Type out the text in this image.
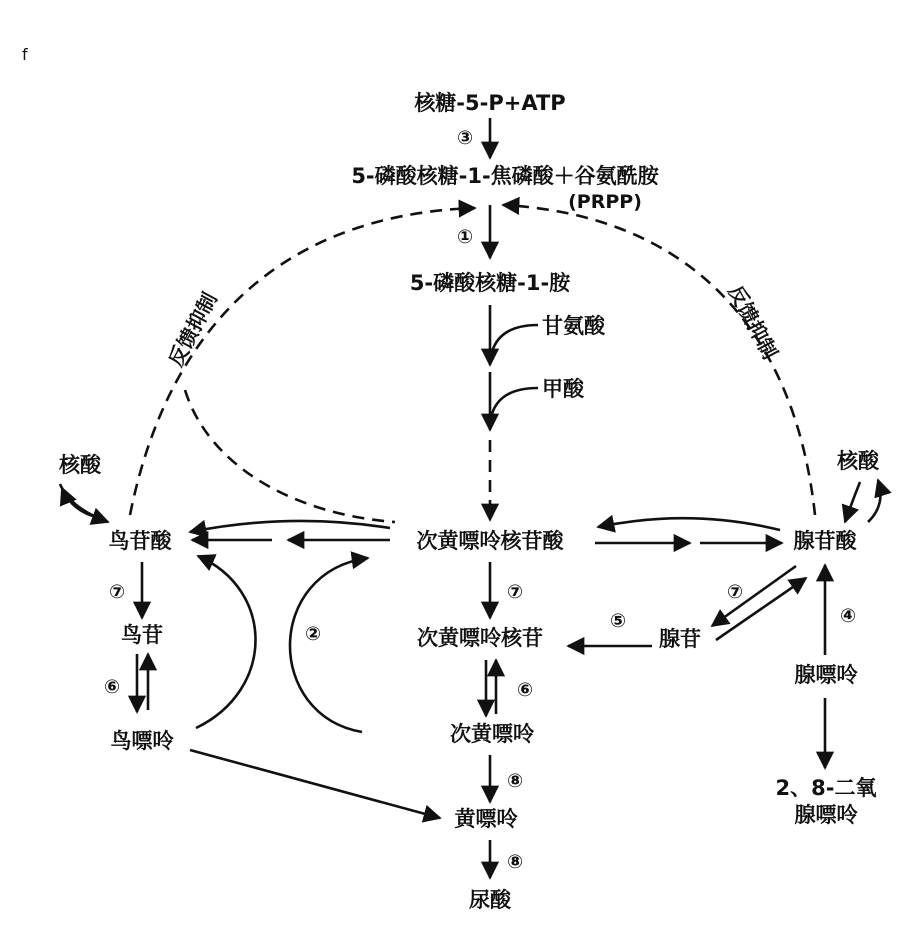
f
核糖-5-P+ATP
③
5-磷酸核糖-1-焦磷酸＋谷氨酰胺
(PRPP)
①
5-磷酸核糖-1-胺
甘氨酸
甲酸
反馈抑制	反馈抑制
鸟苷酸	次黄嘌呤核苷酸	腺苷酸
核酸	核酸
⑦
鸟苷
⑥
鸟嘌呤
②
⑦
次黄嘌呤核苷
⑥
次黄嘌呤
⑧
黄嘌呤
⑧
尿酸
⑤
腺苷
⑦
④
腺嘌呤
2、8-二氧
腺嘌呤
